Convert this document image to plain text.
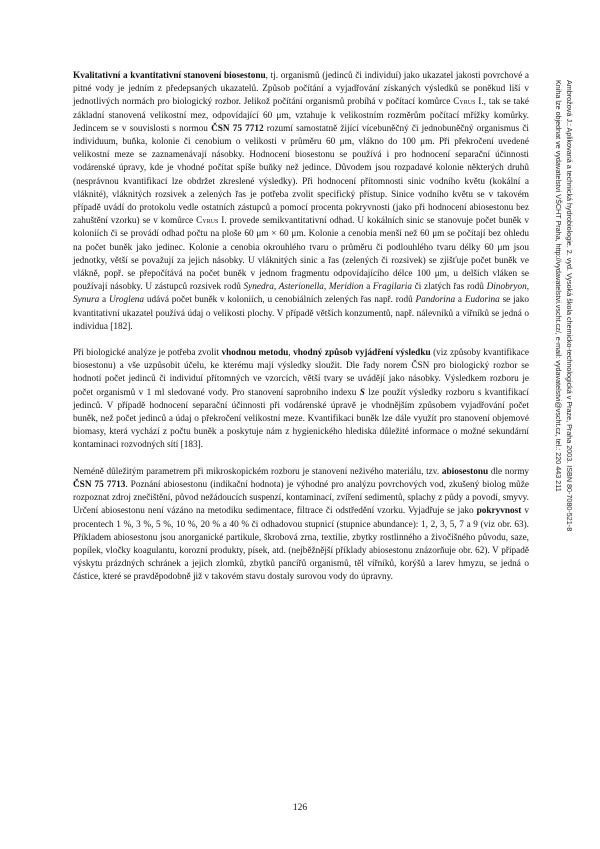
Kvalitativní a kvantitativní stanovení biosestonu, tj. organismů (jedinců či individuí) jako ukazatel jakosti povrchové a pitné vody je jedním z předepsaných ukazatelů. Způsob počítání a vyjadřování získaných výsledků se poněkud liší v jednotlivých normách pro biologický rozbor. Jelikož počítání organismů probíhá v počítací komůrce Cyrus I., tak se také základní stanovená velikostní mez, odpovídající 60 μm, vztahuje k velikostním rozměrům počítací mřížky komůrky. Jedincem se v souvislosti s normou ČSN 75 7712 rozumí samostatně žijící vícebuněčný či jednobuněčný organismus či individuum, buňka, kolonie či cenobium o velikosti v průměru 60 μm, vlákno do 100 μm. Při překročení uvedené velikostní meze se zaznamenávají násobky. Hodnocení biosestonu se používá i pro hodnocení separační účinnosti vodárenské úpravy, kde je vhodné počítat spíše buňky než jedince. Důvodem jsou rozpadavé kolonie některých druhů (nesprávnou kvantifikací lze obdržet zkreslené výsledky). Při hodnocení přítomnosti sinic vodního květu (kokální a vláknité), vláknitých rozsivek a zelených řas je potřeba zvolit specifický přístup. Sinice vodního květu se v takovém případě uvádí do protokolu vedle ostatních zástupců a pomocí procenta pokryvnosti (jako při hodnocení abiosestonu bez zahuštění vzorku) se v komůrce Cyrus I. provede semikvantitativní odhad. U kokálních sinic se stanovuje počet buněk v koloniích či se provádí odhad počtu na ploše 60 μm × 60 μm. Kolonie a cenobia menší než 60 μm se počítají bez ohledu na počet buněk jako jedinec. Kolonie a cenobia okrouhlého tvaru o průměru či podlouhlého tvaru délky 60 μm jsou jednotky, větší se považují za jejich násobky. U vláknitých sinic a řas (zelených či rozsivek) se zjišťuje počet buněk ve vlákně, popř. se přepočítává na počet buněk v jednom fragmentu odpovídajícího délce 100 μm, u delších vláken se používají násobky. U zástupců rozsivek rodů Synedra, Asterionella, Meridion a Fragilaria či zlatých řas rodů Dinobryon, Synura a Uroglena udává počet buněk v koloniích, u cenobiálních zelených řas např. rodů Pandorina a Eudorina se jako kvantitativní ukazatel používá údaj o velikosti plochy. V případě větších konzumentů, např. nálevníků a vířníků se jedná o individua [182].

Při biologické analýze je potřeba zvolit vhodnou metodu, vhodný způsob vyjádření výsledku (viz způsoby kvantifikace biosestonu) a vše uzpůsobit účelu, ke kterému mají výsledky sloužit. Dle řady norem ČSN pro biologický rozbor se hodnotí počet jedinců či individuí přítomných ve vzorcích, větší tvary se uvádějí jako násobky. Výsledkem rozboru je počet organismů v 1 ml sledované vody. Pro stanovení saprobního indexu S lze použít výsledky rozboru s kvantifikací jedinců. V případě hodnocení separační účinnosti při vodárenské úpravě je vhodnějším způsobem vyjadřování počet buněk, než počet jedinců a údaj o překročení velikostní meze. Kvantifikaci buněk lze dále využít pro stanovení objemové biomasy, která vychází z počtu buněk a poskytuje nám z hygienického hlediska důležité informace o možné sekundární kontaminaci rozvodných sítí [183].

Neméně důležitým parametrem při mikroskopickém rozboru je stanovení neživého materiálu, tzv. abiosestonu dle normy ČSN 75 7713. Poznání abiosestonu (indikační hodnota) je výhodné pro analýzu povrchových vod, zkušený biolog může rozpoznat zdroj znečištění, původ nežádoucích suspenzí, kontaminací, zvíření sedimentů, splachy z půdy a povodí, smyvy. Určení abiosestonu není vázáno na metodiku sedimentace, filtrace či odstředění vzorku. Vyjadřuje se jako pokryvnost v procentech 1 %, 3 %, 5 %, 10 %, 20 % a 40 % či odhadovou stupnicí (stupnice abundance): 1, 2, 3, 5, 7 a 9 (viz obr. 63). Příkladem abiosestonu jsou anorganické partikule, škrobová zrna, textilie, zbytky rostlinného a živočišného původu, saze, popílek, vločky koagulantu, korozní produkty, písek, atd. (nejběžnější příklady abiosestonu znázorňuje obr. 62). V případě výskytu prázdných schránek a jejich zlomků, zbytků pancířů organismů, těl vířníků, korýšů a larev hmyzu, se jedná o částice, které se pravděpodobně již v takovém stavu dostaly surovou vody do úpravny.

Ambrožová J.: Aplikovaná a technická hydrobiologie. 2. vyd. Vysoká škola chemicko-technologická v Praze, Praha 2003. ISBN 80-7080-521-8
Kniha lze objednat ve vydavatelství VŠCHT Praha, http://vydavatelstvi.vscht.cz/, e-mail: vydavatelstvi@vscht.cz, tel.: 220 443 211
126
